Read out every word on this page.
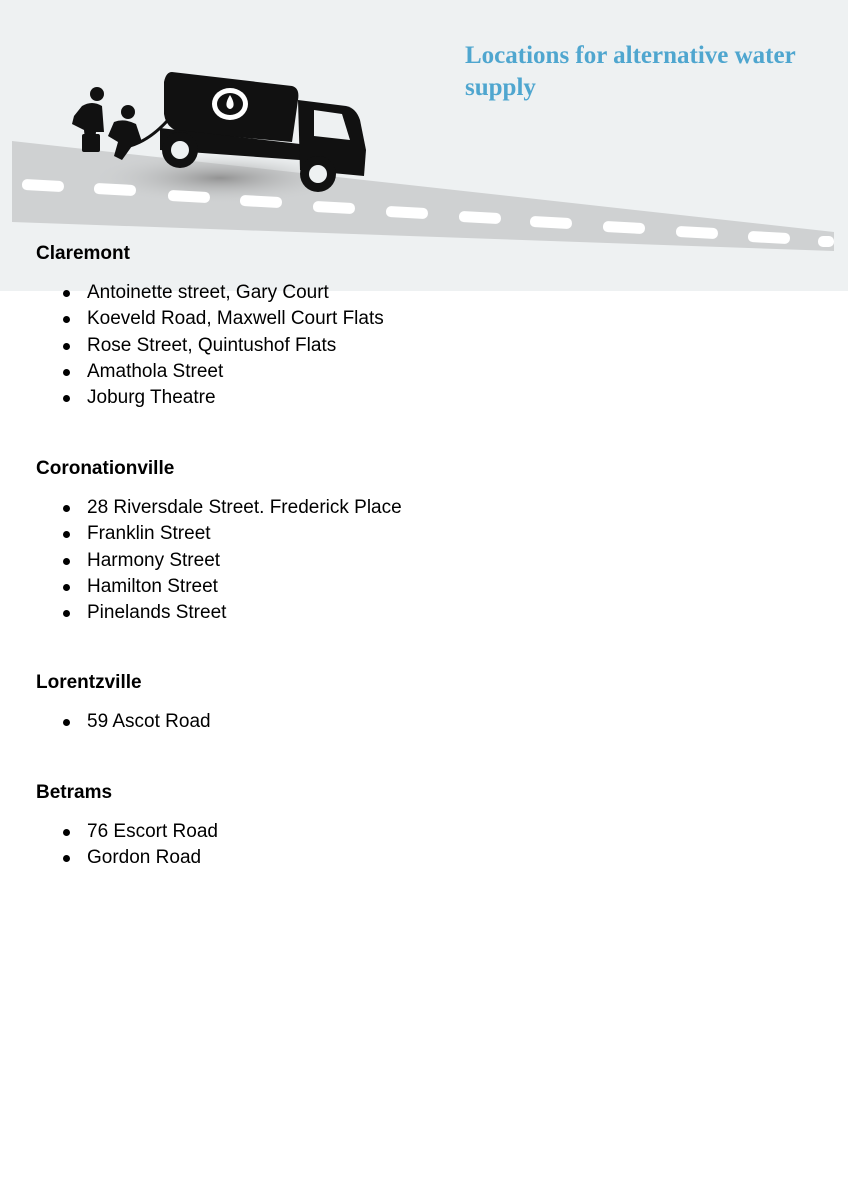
Locations for alternative water supply
Claremont
Antoinette street, Gary Court
Koeveld Road, Maxwell Court Flats
Rose Street, Quintushof Flats
Amathola Street
Joburg Theatre
Coronationville
28 Riversdale Street. Frederick Place
Franklin Street
Harmony Street
Hamilton Street
Pinelands Street
Lorentzville
59 Ascot Road
Betrams
76 Escort Road
Gordon Road
